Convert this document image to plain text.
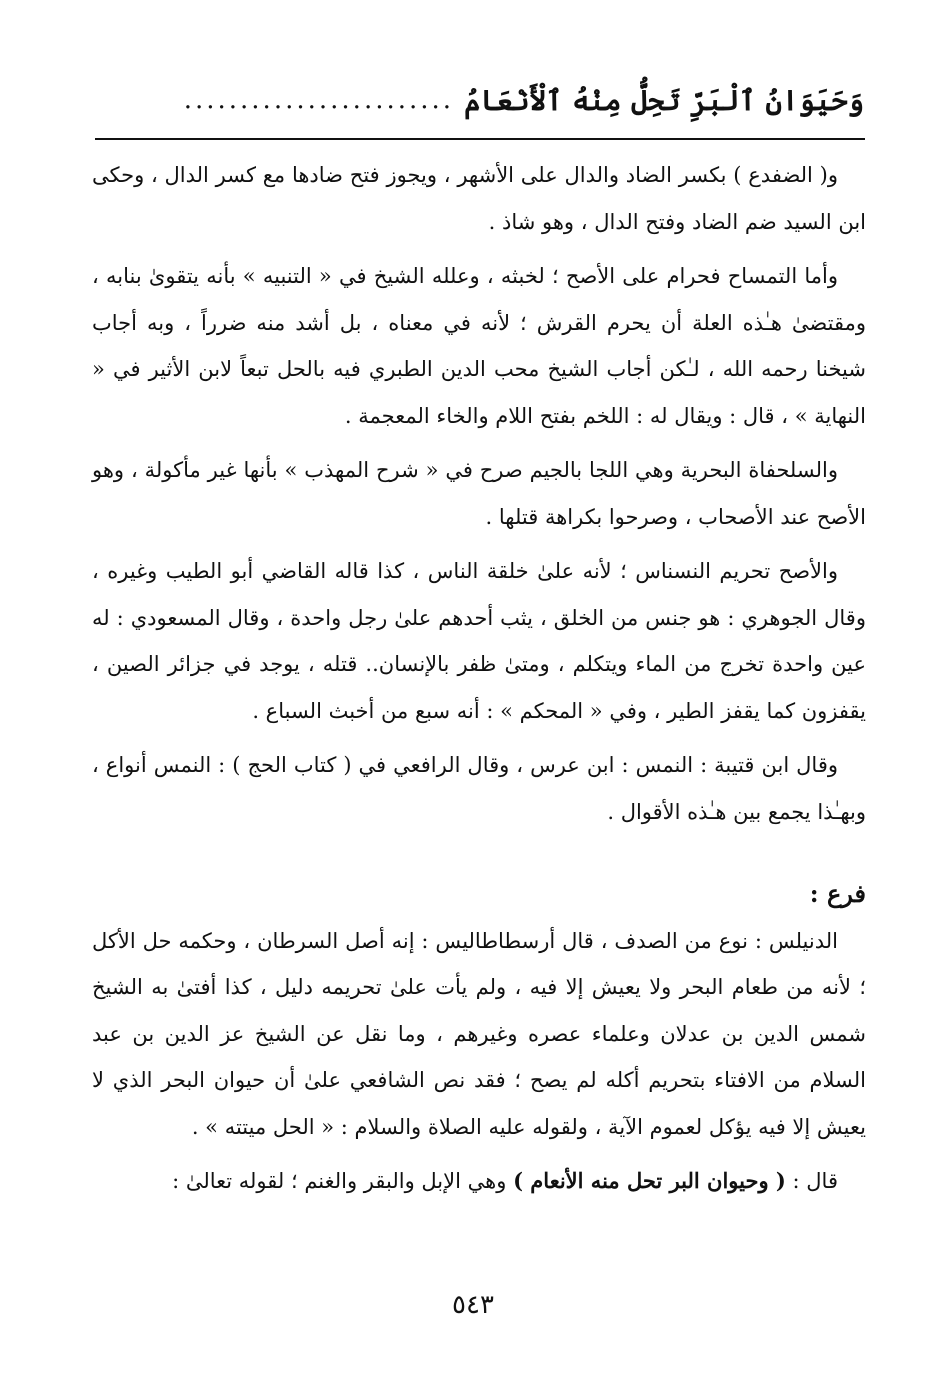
وَحَيَوَانُ ٱلْبَرِّ تَحِلُّ مِنْهُ ٱلْأَنْعَامُ
........................

و( الضفدع ) بكسر الضاد والدال على الأشهر ، ويجوز فتح ضادها مع كسر الدال ، وحكى ابن السيد ضم الضاد وفتح الدال ، وهو شاذ .

وأما التمساح فحرام على الأصح ؛ لخبثه ، وعلله الشيخ في « التنبيه » بأنه يتقوىٰ بنابه ، ومقتضىٰ هـٰذه العلة أن يحرم القرش ؛ لأنه في معناه ، بل أشد منه ضرراً ، وبه أجاب شيخنا رحمه الله ، لـٰكن أجاب الشيخ محب الدين الطبري فيه بالحل تبعاً لابن الأثير في « النهاية » ، قال : ويقال له : اللخم بفتح اللام والخاء المعجمة .

والسلحفاة البحرية وهي اللجا بالجيم صرح في « شرح المهذب » بأنها غير مأكولة ، وهو الأصح عند الأصحاب ، وصرحوا بكراهة قتلها .

والأصح تحريم النسناس ؛ لأنه علىٰ خلقة الناس ، كذا قاله القاضي أبو الطيب وغيره ، وقال الجوهري : هو جنس من الخلق ، يثب أحدهم علىٰ رجل واحدة ، وقال المسعودي : له عين واحدة تخرج من الماء ويتكلم ، ومتىٰ ظفر بالإنسان.. قتله ، يوجد في جزائر الصين ، يقفزون كما يقفز الطير ، وفي « المحكم » : أنه سبع من أخبث السباع .

وقال ابن قتيبة : النمس : ابن عرس ، وقال الرافعي في ( كتاب الحج ) : النمس أنواع ، وبهـٰذا يجمع بين هـٰذه الأقوال .

فرع :

الدنيلس : نوع من الصدف ، قال أرسطاطاليس : إنه أصل السرطان ، وحكمه حل الأكل ؛ لأنه من طعام البحر ولا يعيش إلا فيه ، ولم يأت علىٰ تحريمه دليل ، كذا أفتىٰ به الشيخ شمس الدين بن عدلان وعلماء عصره وغيرهم ، وما نقل عن الشيخ عز الدين بن عبد السلام من الافتاء بتحريم أكله لم يصح ؛ فقد نص الشافعي علىٰ أن حيوان البحر الذي لا يعيش إلا فيه يؤكل لعموم الآية ، ولقوله عليه الصلاة والسلام : « الحل ميتته » .

قال : ( وحيوان البر تحل منه الأنعام ) وهي الإبل والبقر والغنم ؛ لقوله تعالىٰ :

٥٤٣
